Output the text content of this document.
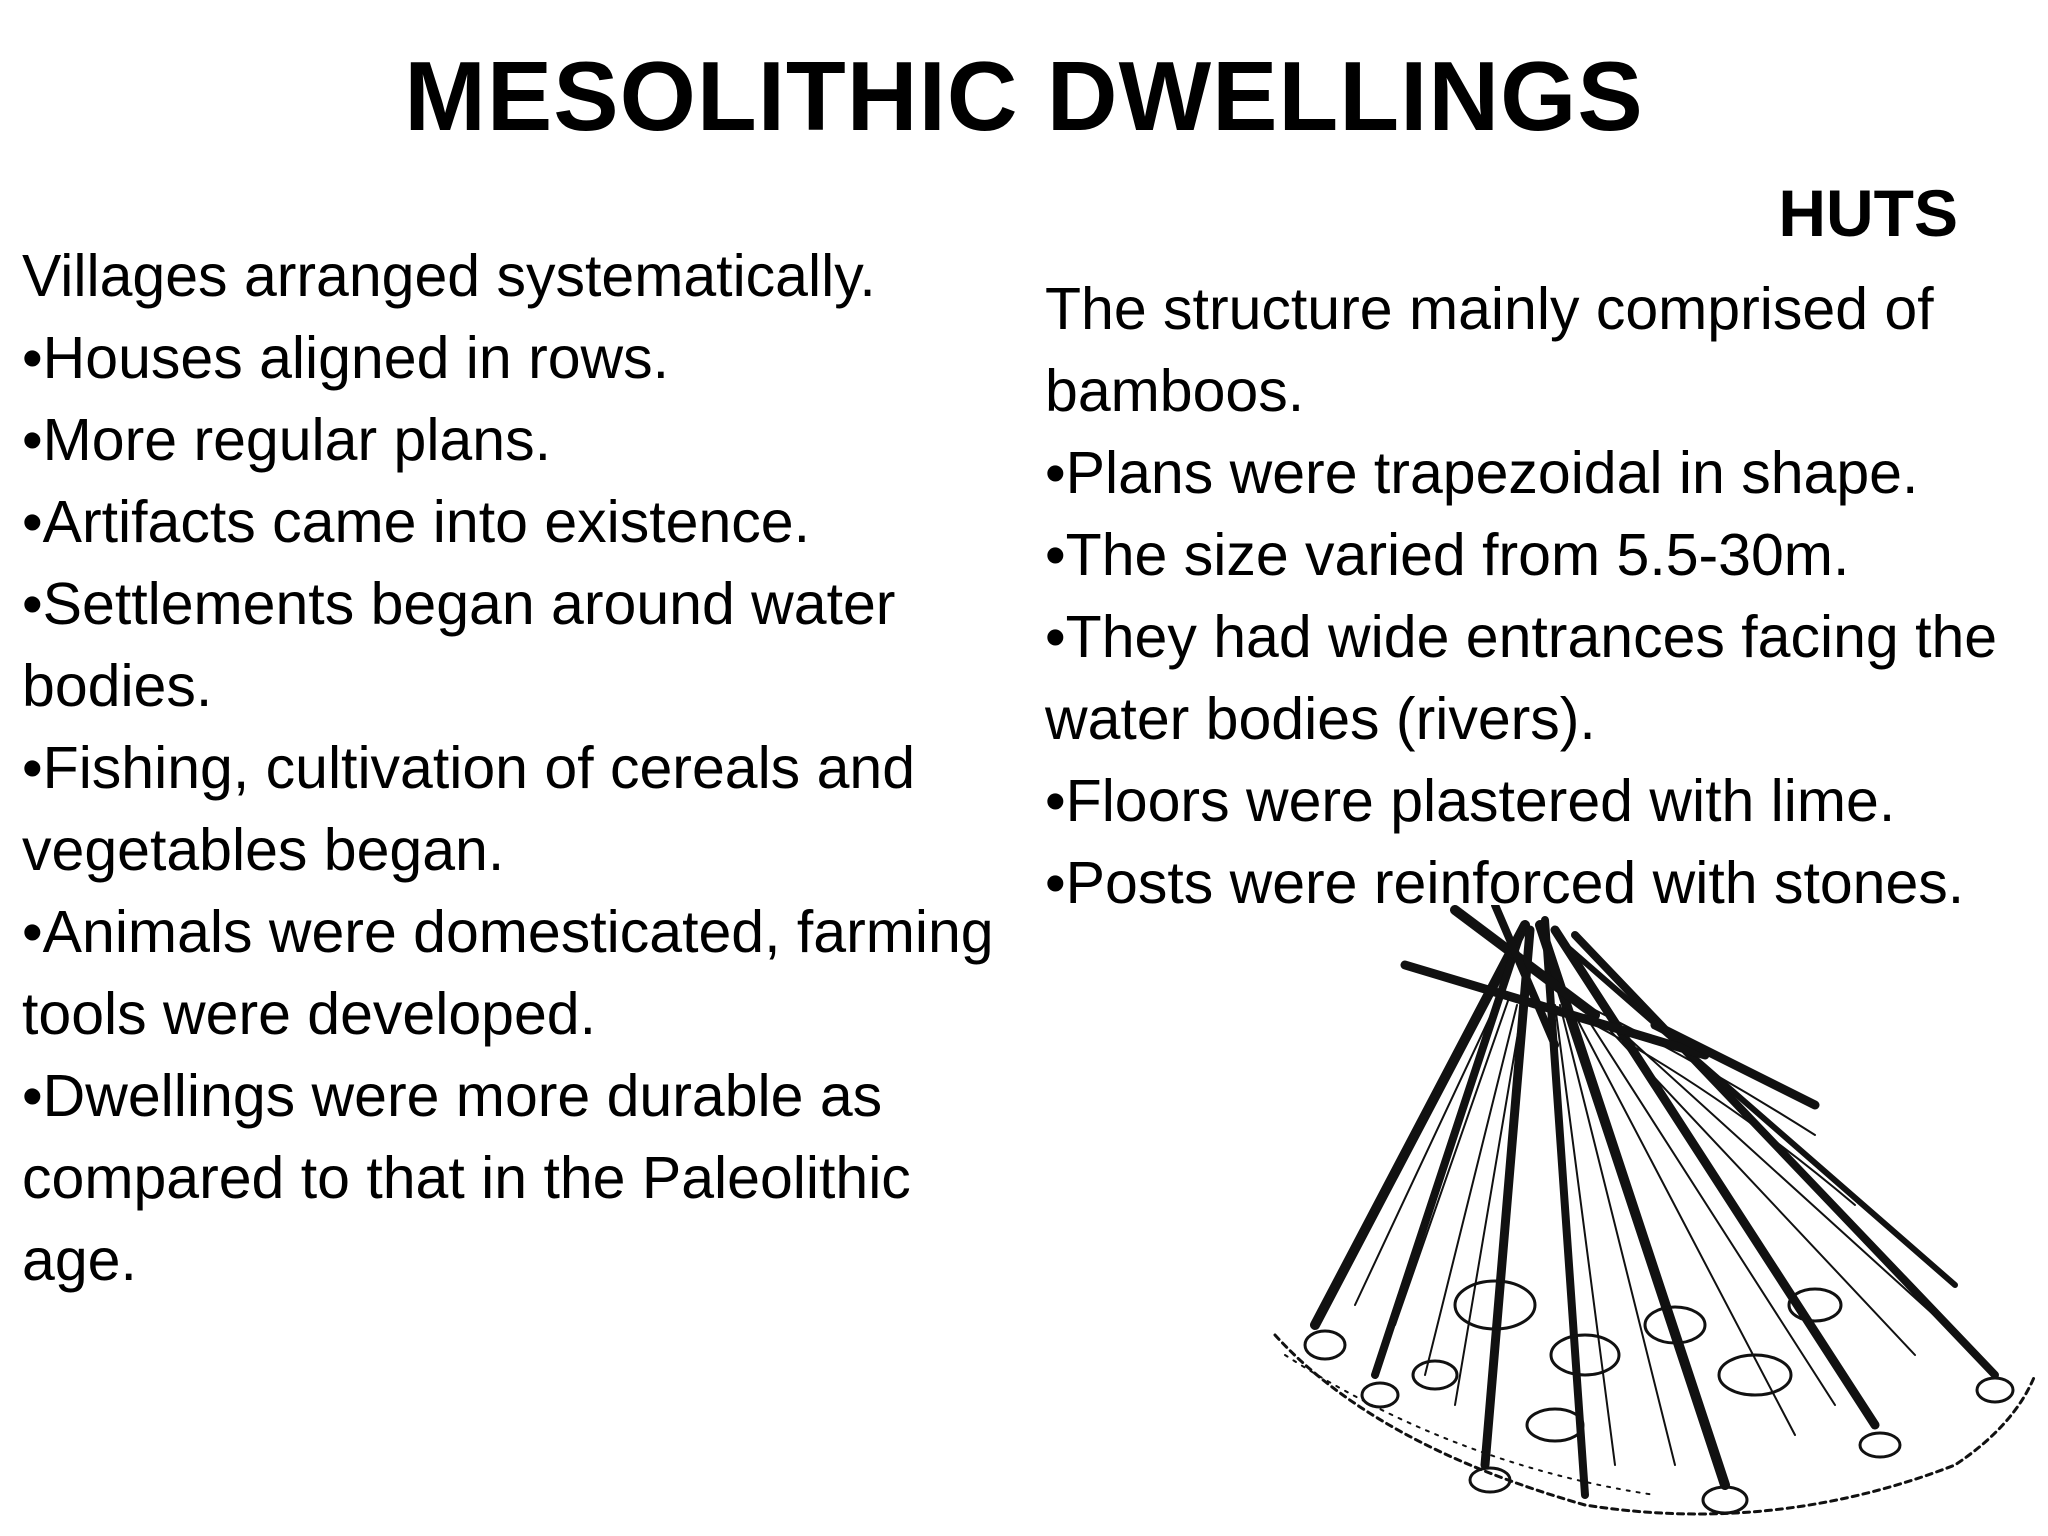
MESOLITHIC DWELLINGS
HUTS

Villages arranged systematically.

•Houses aligned in rows.

•More regular plans.

•Artifacts came into existence.

•Settlements began around water bodies.

•Fishing, cultivation of cereals and vegetables began.

•Animals were domesticated, farming tools were developed.

•Dwellings were more durable as compared to that in the Paleolithic age.

The structure mainly comprised of bamboos.

•Plans were trapezoidal in shape.

•The size varied from 5.5-30m.

•They had wide entrances facing the water bodies (rivers).

•Floors were plastered with lime.

•Posts were reinforced with stones.
